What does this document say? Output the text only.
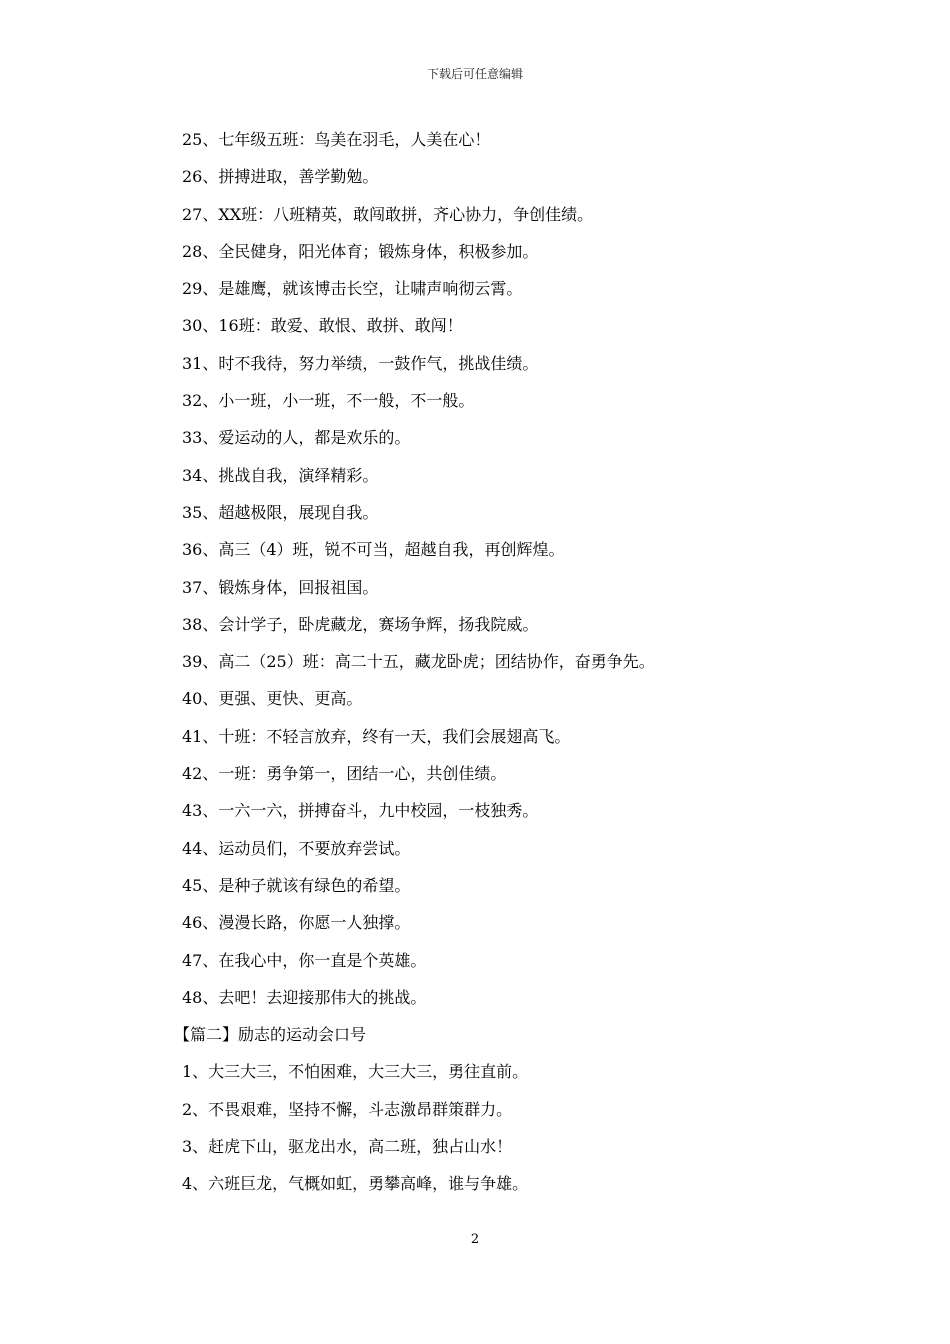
下载后可任意编辑
25、七年级五班：鸟美在羽毛，人美在心！
26、拼搏进取，善学勤勉。
27、XX班：八班精英，敢闯敢拼，齐心协力，争创佳绩。
28、全民健身，阳光体育；锻炼身体，积极参加。
29、是雄鹰，就该博击长空，让啸声响彻云霄。
30、16班：敢爱、敢恨、敢拼、敢闯！
31、时不我待，努力举绩，一鼓作气，挑战佳绩。
32、小一班，小一班，不一般，不一般。
33、爱运动的人，都是欢乐的。
34、挑战自我，演绎精彩。
35、超越极限，展现自我。
36、高三（4）班，锐不可当，超越自我，再创辉煌。
37、锻炼身体，回报祖国。
38、会计学子，卧虎藏龙，赛场争辉，扬我院威。
39、高二（25）班：高二十五，藏龙卧虎；团结协作，奋勇争先。
40、更强、更快、更高。
41、十班：不轻言放弃，终有一天，我们会展翅高飞。
42、一班：勇争第一，团结一心，共创佳绩。
43、一六一六，拼搏奋斗，九中校园，一枝独秀。
44、运动员们，不要放弃尝试。
45、是种子就该有绿色的希望。
46、漫漫长路，你愿一人独撑。
47、在我心中，你一直是个英雄。
48、去吧！去迎接那伟大的挑战。
【篇二】励志的运动会口号
1、大三大三，不怕困难，大三大三，勇往直前。
2、不畏艰难，坚持不懈，斗志激昂群策群力。
3、赶虎下山，驱龙出水，高二班，独占山水！
4、六班巨龙，气概如虹，勇攀高峰，谁与争雄。
2
